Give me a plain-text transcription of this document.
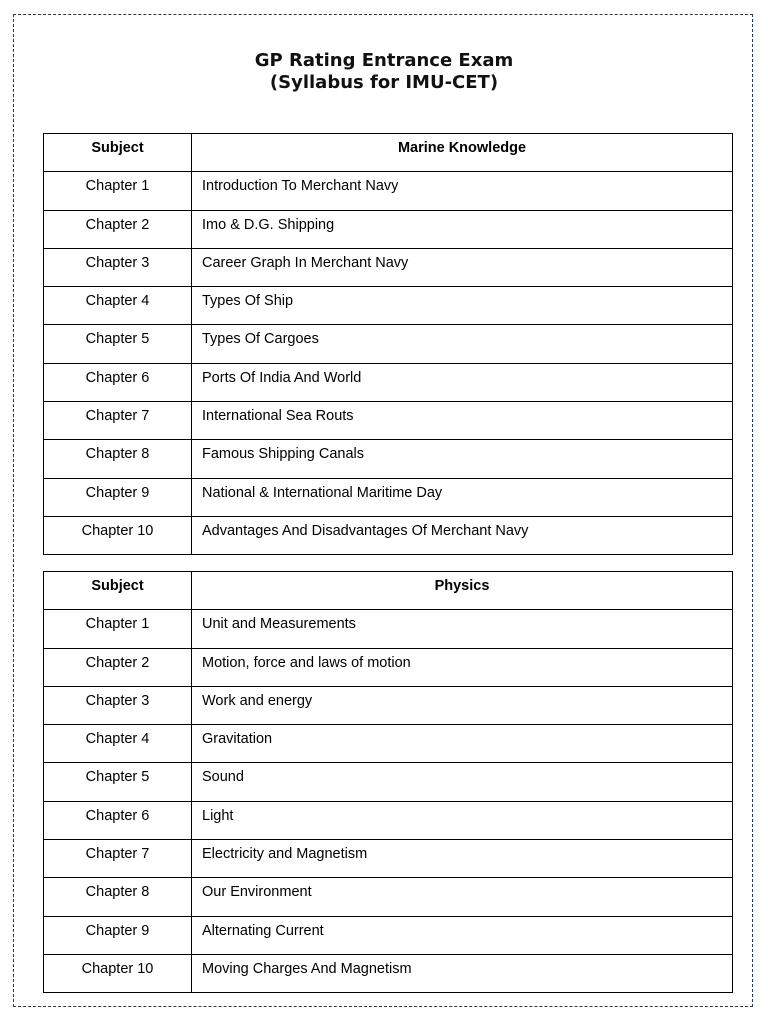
GP Rating Entrance Exam
(Syllabus for IMU-CET)
Subject	Marine Knowledge
Chapter 1	Introduction To Merchant Navy
Chapter 2	Imo & D.G. Shipping
Chapter 3	Career Graph In Merchant Navy
Chapter 4	Types Of Ship
Chapter 5	Types Of Cargoes
Chapter 6	Ports Of India And World
Chapter 7	International Sea Routs
Chapter 8	Famous Shipping Canals
Chapter 9	National & International Maritime Day
Chapter 10	Advantages And Disadvantages Of Merchant Navy
Subject	Physics
Chapter 1	Unit and Measurements
Chapter 2	Motion, force and laws of motion
Chapter 3	Work and energy
Chapter 4	Gravitation
Chapter 5	Sound
Chapter 6	Light
Chapter 7	Electricity and Magnetism
Chapter 8	Our Environment
Chapter 9	Alternating Current
Chapter 10	Moving Charges And Magnetism
